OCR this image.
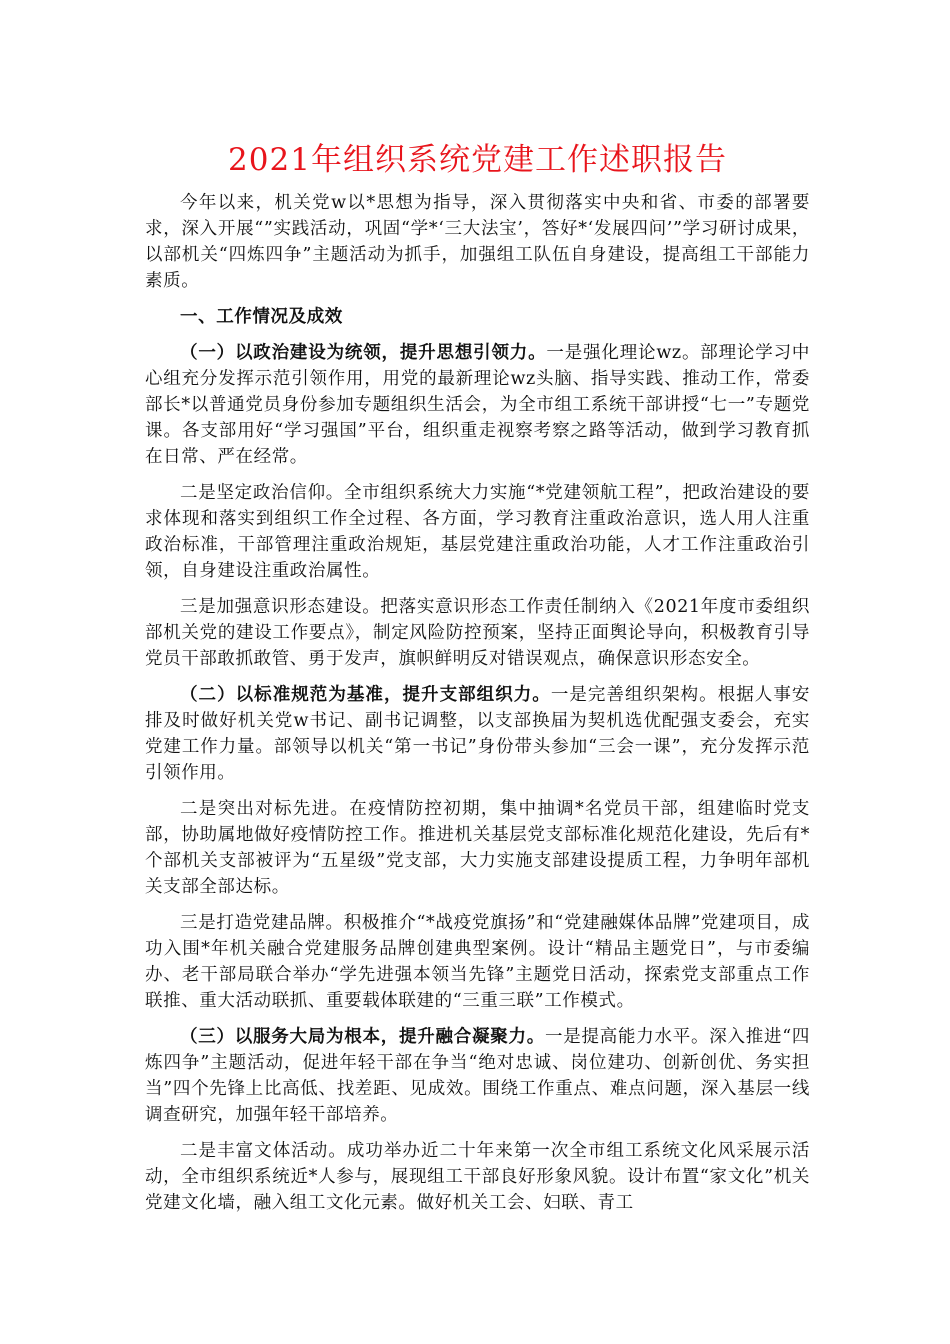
2021年组织系统党建工作述职报告

今年以来，机关党w以*思想为指导，深入贯彻落实中央和省、市委的部署要求，深入开展“”实践活动，巩固“学*‘三大法宝’，答好*‘发展四问’”学习研讨成果，以部机关“四炼四争”主题活动为抓手，加强组工队伍自身建设，提高组工干部能力素质。

一、工作情况及成效

（一）以政治建设为统领，提升思想引领力。一是强化理论wz。部理论学习中心组充分发挥示范引领作用，用党的最新理论wz头脑、指导实践、推动工作，常委部长*以普通党员身份参加专题组织生活会，为全市组工系统干部讲授“七一”专题党课。各支部用好“学习强国”平台，组织重走视察考察之路等活动，做到学习教育抓在日常、严在经常。

二是坚定政治信仰。全市组织系统大力实施“*党建领航工程”，把政治建设的要求体现和落实到组织工作全过程、各方面，学习教育注重政治意识，选人用人注重政治标准，干部管理注重政治规矩，基层党建注重政治功能，人才工作注重政治引领，自身建设注重政治属性。

三是加强意识形态建设。把落实意识形态工作责任制纳入《2021年度市委组织部机关党的建设工作要点》，制定风险防控预案，坚持正面舆论导向，积极教育引导党员干部敢抓敢管、勇于发声，旗帜鲜明反对错误观点，确保意识形态安全。

（二）以标准规范为基准，提升支部组织力。一是完善组织架构。根据人事安排及时做好机关党w书记、副书记调整，以支部换届为契机选优配强支委会，充实党建工作力量。部领导以机关“第一书记”身份带头参加“三会一课”，充分发挥示范引领作用。

二是突出对标先进。在疫情防控初期，集中抽调*名党员干部，组建临时党支部，协助属地做好疫情防控工作。推进机关基层党支部标准化规范化建设，先后有*个部机关支部被评为“五星级”党支部，大力实施支部建设提质工程，力争明年部机关支部全部达标。

三是打造党建品牌。积极推介“*战疫党旗扬”和“党建融媒体品牌”党建项目，成功入围*年机关融合党建服务品牌创建典型案例。设计“精品主题党日”，与市委编办、老干部局联合举办“学先进强本领当先锋”主题党日活动，探索党支部重点工作联推、重大活动联抓、重要载体联建的“三重三联”工作模式。

（三）以服务大局为根本，提升融合凝聚力。一是提高能力水平。深入推进“四炼四争”主题活动，促进年轻干部在争当“绝对忠诚、岗位建功、创新创优、务实担当”四个先锋上比高低、找差距、见成效。围绕工作重点、难点问题，深入基层一线调查研究，加强年轻干部培养。

二是丰富文体活动。成功举办近二十年来第一次全市组工系统文化风采展示活动，全市组织系统近*人参与，展现组工干部良好形象风貌。设计布置“家文化”机关党建文化墙，融入组工文化元素。做好机关工会、妇联、青工
